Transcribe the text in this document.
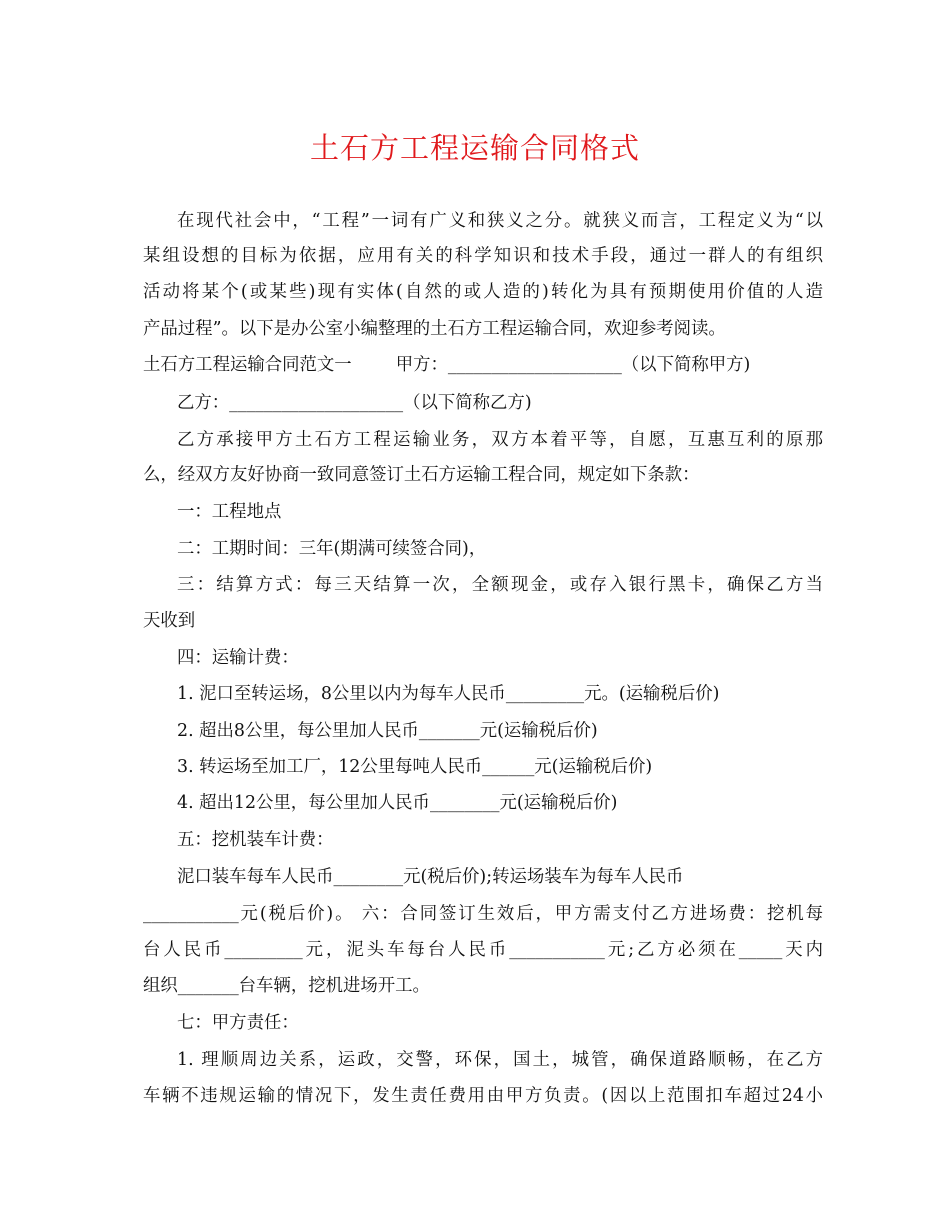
土石方工程运输合同格式
在现代社会中，“工程”一词有广义和狭义之分。就狭义而言，工程定义为“以
某组设想的目标为依据，应用有关的科学知识和技术手段，通过一群人的有组织
活动将某个(或某些)现有实体(自然的或人造的)转化为具有预期使用价值的人造
产品过程”。以下是办公室小编整理的土石方工程运输合同，欢迎参考阅读。
土石方工程运输合同范文一	甲方：____________________（以下简称甲方)
乙方：____________________（以下简称乙方)
乙方承接甲方土石方工程运输业务，双方本着平等，自愿，互惠互利的原那
么，经双方友好协商一致同意签订土石方运输工程合同，规定如下条款：
一：工程地点
二：工期时间：三年(期满可续签合同)，
三：结算方式：每三天结算一次，全额现金，或存入银行黑卡，确保乙方当
天收到
四：运输计费：
1. 泥口至转运场，8公里以内为每车人民币_________元。(运输税后价)
2. 超出8公里，每公里加人民币_______元(运输税后价)
3. 转运场至加工厂，12公里每吨人民币______元(运输税后价)
4. 超出12公里，每公里加人民币________元(运输税后价)
五：挖机装车计费：
泥口装车每车人民币________元(税后价);转运场装车为每车人民币
___________元(税后价)。 六：合同签订生效后，甲方需支付乙方进场费：挖机每
台人民币_________元，泥头车每台人民币___________元;乙方必须在_____天内
组织_______台车辆，挖机进场开工。
七：甲方责任：
1. 理顺周边关系，运政，交警，环保，国土，城管，确保道路顺畅，在乙方
车辆不违规运输的情况下，发生责任费用由甲方负责。(因以上范围扣车超过24小
